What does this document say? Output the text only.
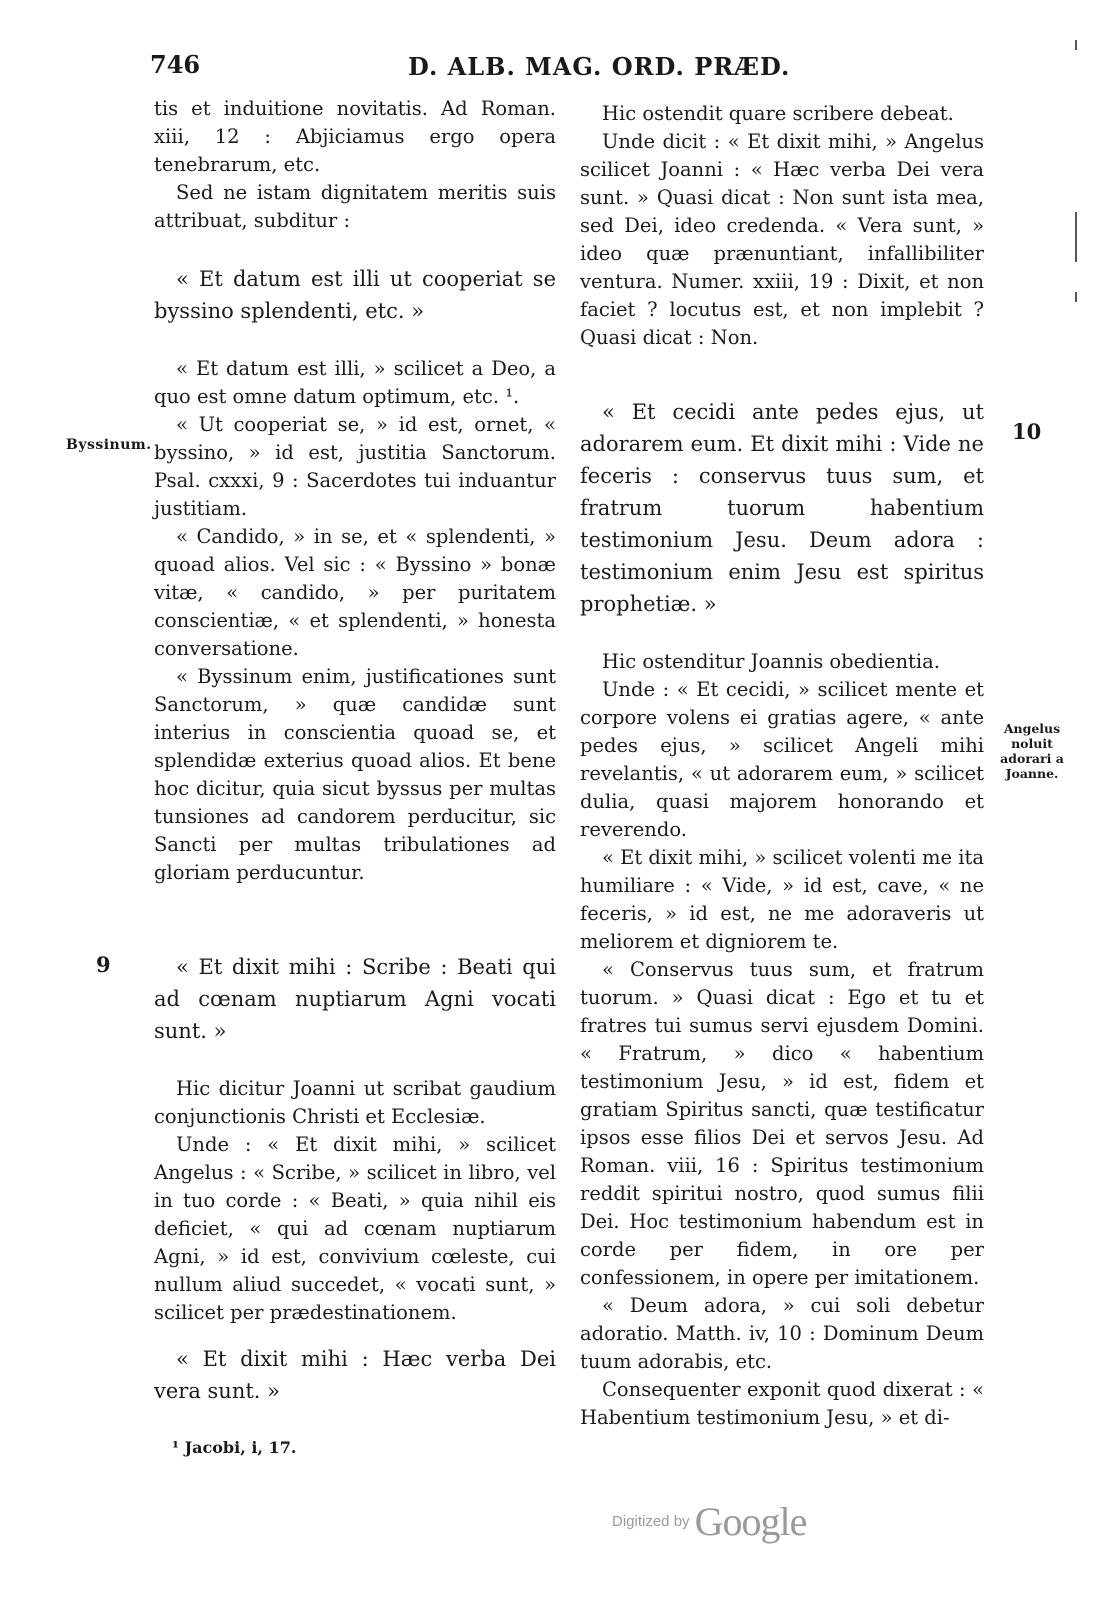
746	D. ALB. MAG. ORD. PRÆD.

tis et induitione novitatis. Ad Roman. xiii, 12 : Abjiciamus ergo opera tenebrarum, etc.

Sed ne istam dignitatem meritis suis attribuat, subditur :

« Et datum est illi ut cooperiat se byssino splendenti, etc. »

« Et datum est illi, » scilicet a Deo, a quo est omne datum optimum, etc. ¹.

« Ut cooperiat se, » id est, ornet, « byssino, » id est, justitia Sanctorum. Psal. cxxxi, 9 : Sacerdotes tui induantur justitiam.

« Candido, » in se, et « splendenti, » quoad alios. Vel sic : « Byssino » bonæ vitæ, « candido, » per puritatem conscientiæ, « et splendenti, » honesta conversatione.

« Byssinum enim, justificationes sunt Sanctorum, » quæ candidæ sunt interius in conscientia quoad se, et splendidæ exterius quoad alios. Et bene hoc dicitur, quia sicut byssus per multas tunsiones ad candorem perducitur, sic Sancti per multas tribulationes ad gloriam perducuntur.

« Et dixit mihi : Scribe : Beati qui ad cœnam nuptiarum Agni vocati sunt. »

Hic dicitur Joanni ut scribat gaudium conjunctionis Christi et Ecclesiæ.

Unde : « Et dixit mihi, » scilicet Angelus : « Scribe, » scilicet in libro, vel in tuo corde : « Beati, » quia nihil eis deficiet, « qui ad cœnam nuptiarum Agni, » id est, convivium cœleste, cui nullum aliud succedet, « vocati sunt, » scilicet per prædestinationem.

« Et dixit mihi : Hæc verba Dei vera sunt. »

Hic ostendit quare scribere debeat.

Unde dicit : « Et dixit mihi, » Angelus scilicet Joanni : « Hæc verba Dei vera sunt. » Quasi dicat : Non sunt ista mea, sed Dei, ideo credenda. « Vera sunt, » ideo quæ prænuntiant, infallibiliter ventura. Numer. xxiii, 19 : Dixit, et non faciet ? locutus est, et non implebit ? Quasi dicat : Non.

« Et cecidi ante pedes ejus, ut adorarem eum. Et dixit mihi : Vide ne feceris : conservus tuus sum, et fratrum tuorum habentium testimonium Jesu. Deum adora : testimonium enim Jesu est spiritus prophetiæ. »

Hic ostenditur Joannis obedientia.

Unde : « Et cecidi, » scilicet mente et corpore volens ei gratias agere, « ante pedes ejus, » scilicet Angeli mihi revelantis, « ut adorarem eum, » scilicet dulia, quasi majorem honorando et reverendo.

« Et dixit mihi, » scilicet volenti me ita humiliare : « Vide, » id est, cave, « ne feceris, » id est, ne me adoraveris ut meliorem et digniorem te.

« Conservus tuus sum, et fratrum tuorum. » Quasi dicat : Ego et tu et fratres tui sumus servi ejusdem Domini. « Fratrum, » dico « habentium testimonium Jesu, » id est, fidem et gratiam Spiritus sancti, quæ testificatur ipsos esse filios Dei et servos Jesu. Ad Roman. viii, 16 : Spiritus testimonium reddit spiritui nostro, quod sumus filii Dei. Hoc testimonium habendum est in corde per fidem, in ore per confessionem, in opere per imitationem.

« Deum adora, » cui soli debetur adoratio. Matth. iv, 10 : Dominum Deum tuum adorabis, etc.

Consequenter exponit quod dixerat : « Habentium testimonium Jesu, » et di-

Byssinum.
9
10
Angelus
noluit
adorari a
Joanne.
¹ Jacobi, i, 17.
Digitized by Google
